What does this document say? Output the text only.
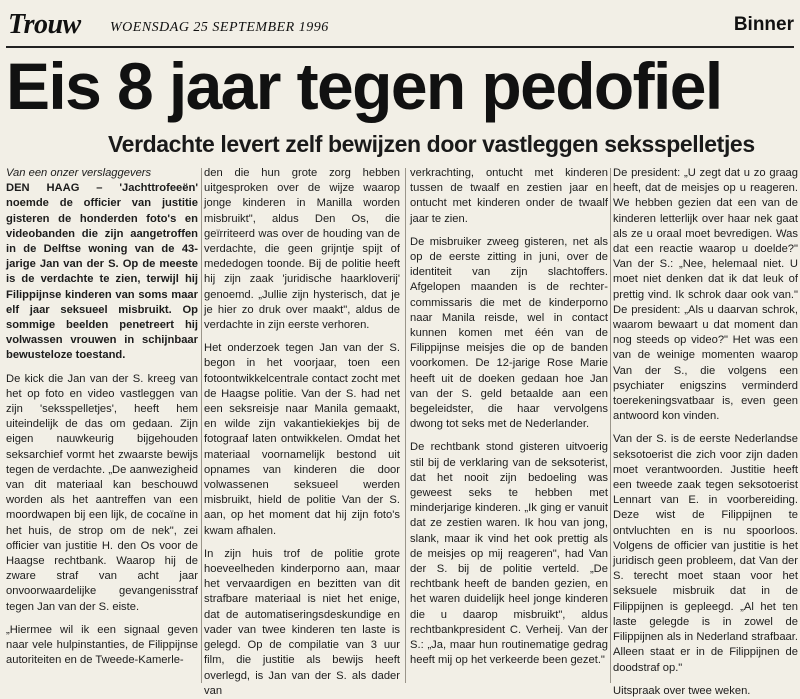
Trouw WOENSDAG 25 SEPTEMBER 1996	Binner
Eis 8 jaar tegen pedofiel
Verdachte levert zelf bewijzen door vastleggen seksspelletjes

Van een onzer verslaggevers
DEN HAAG – 'Jachttrofeeën' noemde de officier van justitie gisteren de honderden foto's en videobanden die zijn aangetroffen in de Delftse woning van de 43-jarige Jan van der S. Op de meeste is de verdachte te zien, terwijl hij Filippijnse kinderen van soms maar elf jaar seksueel misbruikt. Op sommige beelden penetreert hij volwassen vrouwen in schijnbaar bewusteloze toestand.

De kick die Jan van der S. kreeg van het op foto en video vastleggen van zijn 'seksspelletjes', heeft hem uiteindelijk de das om gedaan. Zijn eigen nauwkeurig bijgehouden seksarchief vormt het zwaarste bewijs tegen de verdachte. „De aanwezigheid van dit materiaal kan beschouwd worden als het aantreffen van een moordwapen bij een lijk, de cocaïne in het huis, de strop om de nek", zei officier van justitie H. den Os voor de Haagse rechtbank. Waarop hij de zware straf van acht jaar onvoorwaardelijke gevangenisstraf tegen Jan van der S. eiste.

„Hiermee wil ik een signaal geven naar vele hulpinstanties, de Filippijnse autoriteiten en de Tweede-Kamerle-

den die hun grote zorg hebben uitgesproken over de wijze waarop jonge kinderen in Manilla worden misbruikt", aldus Den Os, die geïrriteerd was over de houding van de verdachte, die geen grijntje spijt of mededogen toonde. Bij de politie heeft hij zijn zaak 'juridische haarkloverij' genoemd. „Jullie zijn hysterisch, dat je je hier zo druk over maakt", aldus de verdachte in zijn eerste verhoren.

Het onderzoek tegen Jan van der S. begon in het voorjaar, toen een fotoontwikkelcentrale contact zocht met de Haagse politie. Van der S. had net een seksreisje naar Manila gemaakt, en wilde zijn vakantiekiekjes bij de fotograaf laten ontwikkelen. Omdat het materiaal voornamelijk bestond uit opnames van kinderen die door volwassenen seksueel werden misbruikt, hield de politie Van der S. aan, op het moment dat hij zijn foto's kwam afhalen.

In zijn huis trof de politie grote hoeveelheden kinderporno aan, maar het vervaardigen en bezitten van dit strafbare materiaal is niet het enige, dat de automatiseringsdeskundige en vader van twee kinderen ten laste is gelegd. Op de compilatie van 3 uur film, die justitie als bewijs heeft overlegd, is Jan van der S. als dader van

verkrachting, ontucht met kinderen tussen de twaalf en zestien jaar en ontucht met kinderen onder de twaalf jaar te zien.

De misbruiker zweeg gisteren, net als op de eerste zitting in juni, over de identiteit van zijn slachtoffers. Afgelopen maanden is de rechter-commissaris die met de kinderporno naar Manila reisde, wel in contact kunnen komen met één van de Filippijnse meisjes die op de banden voorkomen. De 12-jarige Rose Marie heeft uit de doeken gedaan hoe Jan van der S. geld betaalde aan een begeleidster, die haar vervolgens dwong tot seks met de Nederlander.

De rechtbank stond gisteren uitvoerig stil bij de verklaring van de seksoterist, dat het nooit zijn bedoeling was geweest seks te hebben met minderjarige kinderen. „Ik ging er vanuit dat ze zestien waren. Ik hou van jong, slank, maar ik vind het ook prettig als de meisjes op mij reageren", had Van der S. bij de politie verteld. „De rechtbank heeft de banden gezien, en het waren duidelijk heel jonge kinderen die u daarop misbruikt", aldus rechtbankpresident C. Verheij. Van der S.: „Ja, maar hun routinematige gedrag heeft mij op het verkeerde been gezet."

De president: „U zegt dat u zo graag heeft, dat de meisjes op u reageren. We hebben gezien dat een van de kinderen letterlijk over haar nek gaat als ze u oraal moet bevredigen. Was dat een reactie waarop u doelde?" Van der S.: „Nee, helemaal niet. U moet niet denken dat ik dat leuk of prettig vind. Ik schrok daar ook van." De president: „Als u daarvan schrok, waarom bewaart u dat moment dan nog steeds op video?" Het was een van de weinige momenten waarop Van der S., die volgens een psychiater enigszins verminderd toerekeningsvatbaar is, even geen antwoord kon vinden.

Van der S. is de eerste Nederlandse seksotoerist die zich voor zijn daden moet verantwoorden. Justitie heeft een tweede zaak tegen seksotoerist Lennart van E. in voorbereiding. Deze wist de Filippijnen te ontvluchten en is nu spoorloos. Volgens de officier van justitie is het juridisch geen probleem, dat Van der S. terecht moet staan voor het seksuele misbruik dat in de Filippijnen is gepleegd. „Al het ten laste gelegde is in zowel de Filippijnen als in Nederland strafbaar. Alleen staat er in de Filippijnen de doodstraf op."

Uitspraak over twee weken.
